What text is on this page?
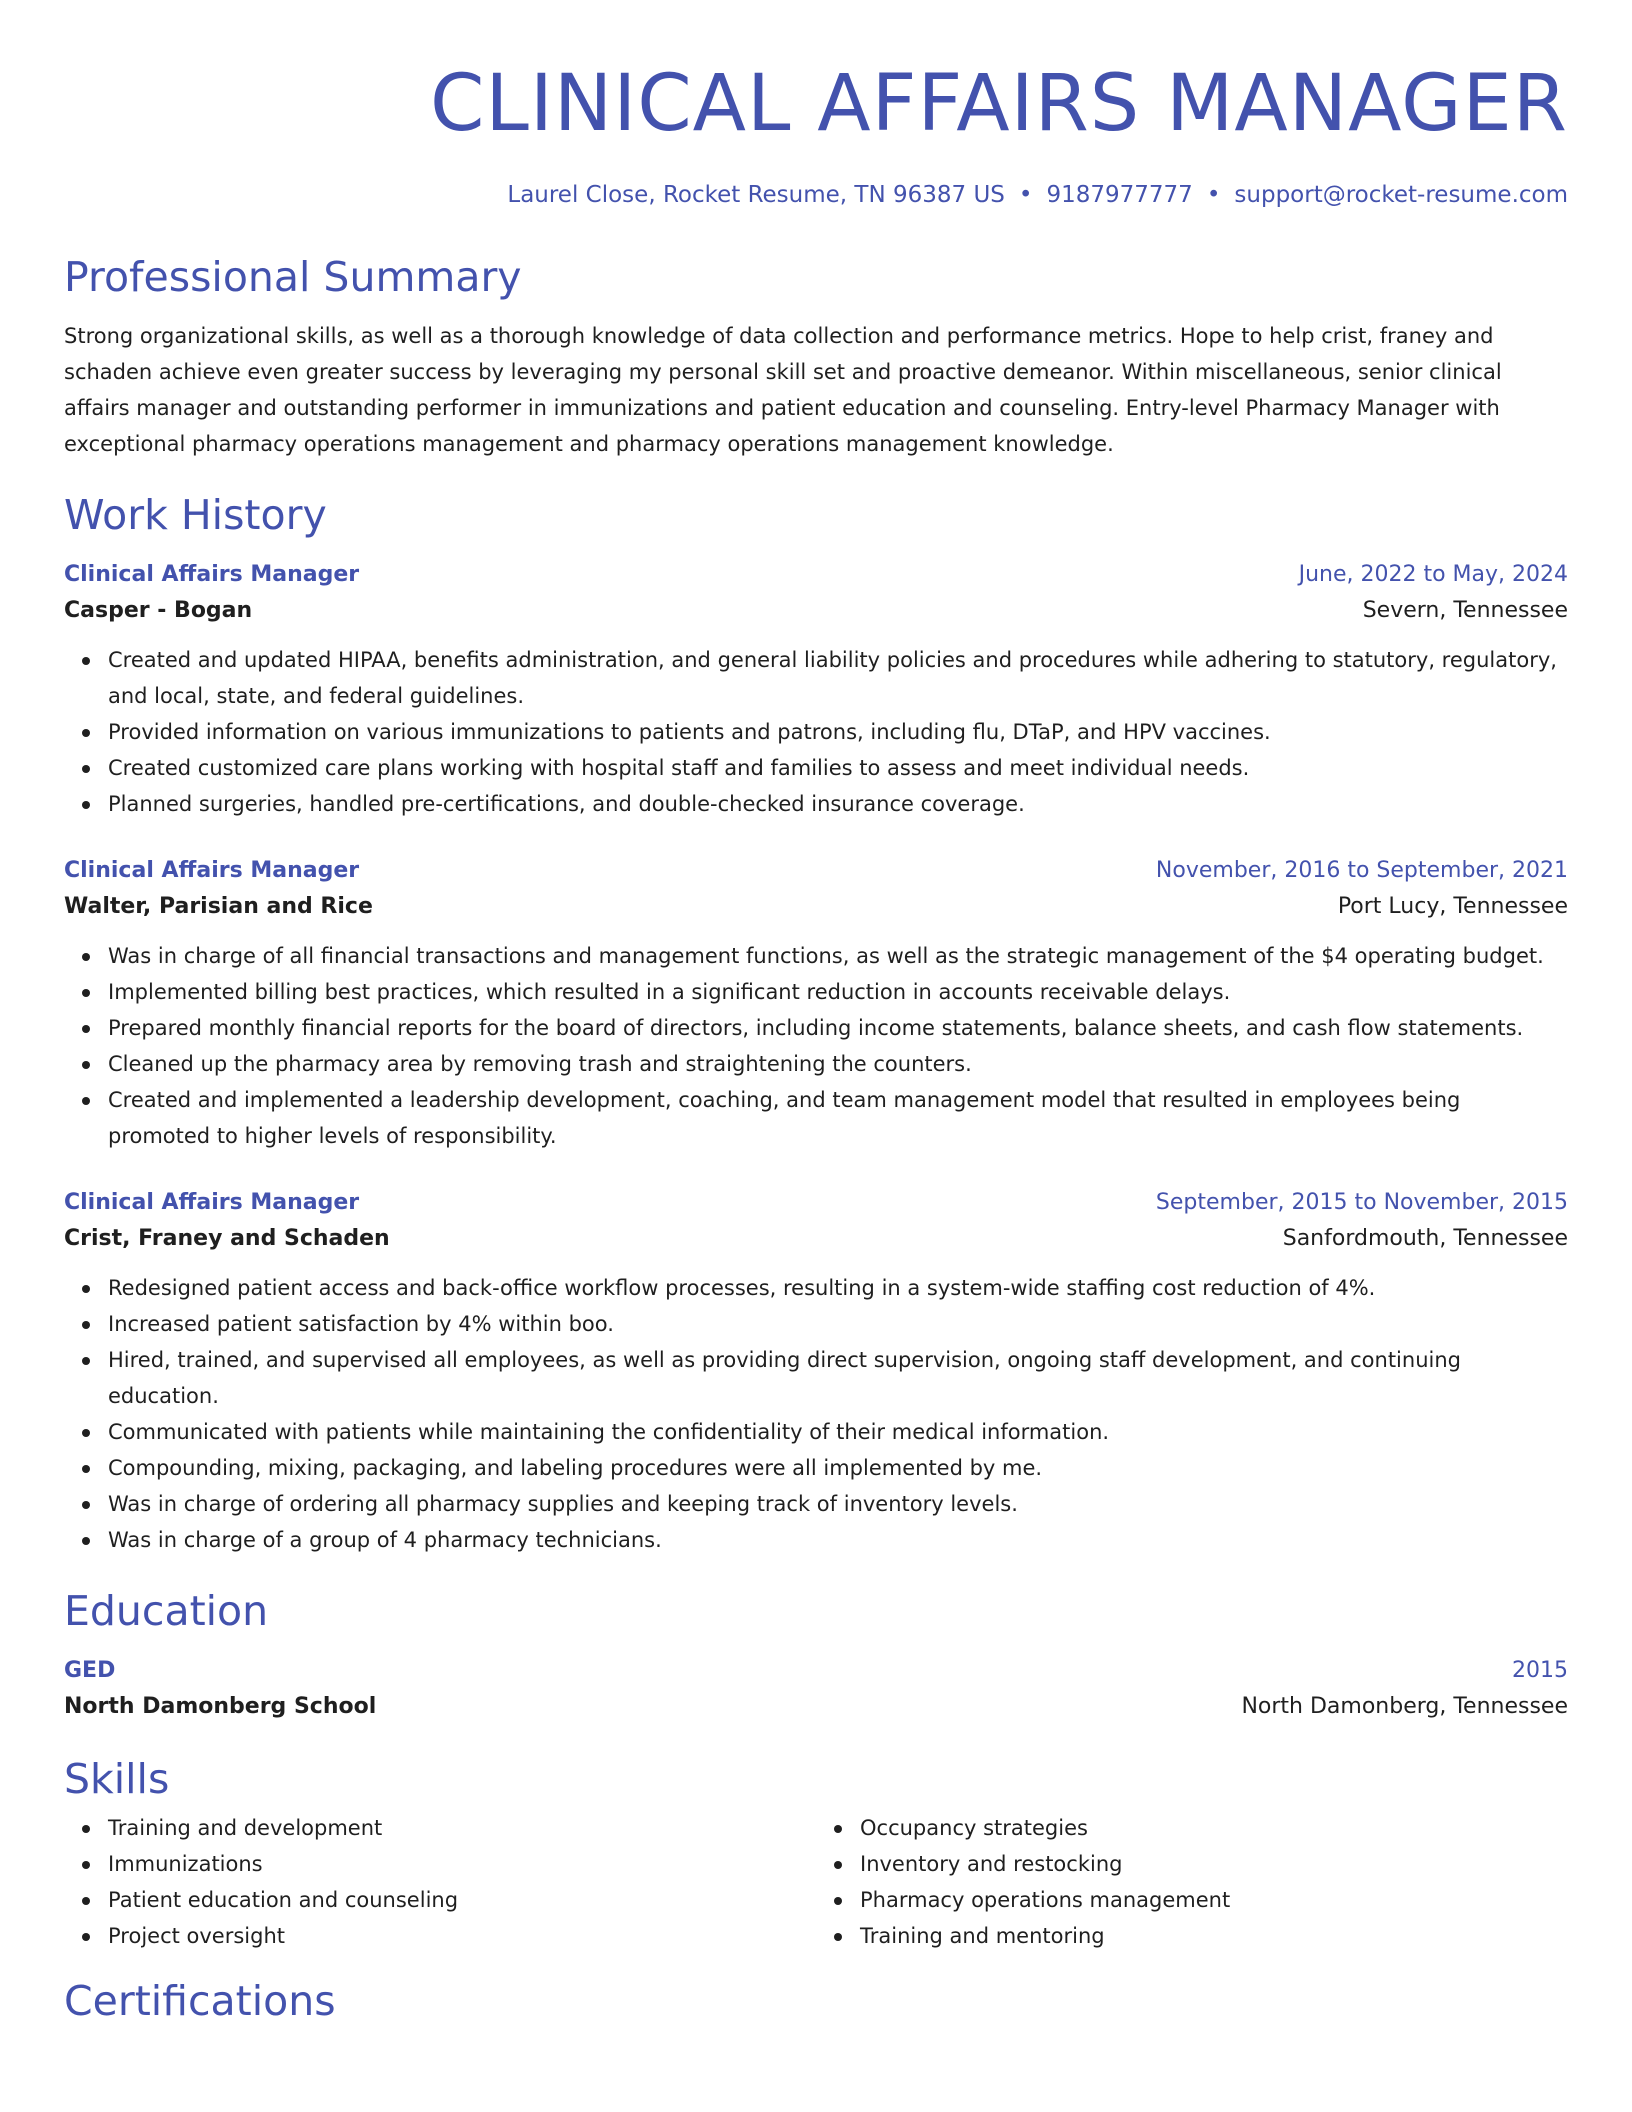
CLINICAL AFFAIRS MANAGER
Laurel Close, Rocket Resume, TN 96387 US • 9187977777 • support@rocket-resume.com
Professional Summary

Strong organizational skills, as well as a thorough knowledge of data collection and performance metrics. Hope to help crist, franey and schaden achieve even greater success by leveraging my personal skill set and proactive demeanor. Within miscellaneous, senior clinical affairs manager and outstanding performer in immunizations and patient education and counseling. Entry-level Pharmacy Manager with exceptional pharmacy operations management and pharmacy operations management knowledge.

Work History
Clinical Affairs Manager	June, 2022 to May, 2024
Casper - Bogan	Severn, Tennessee
Created and updated HIPAA, benefits administration, and general liability policies and procedures while adhering to statutory, regulatory, and local, state, and federal guidelines.
Provided information on various immunizations to patients and patrons, including flu, DTaP, and HPV vaccines.
Created customized care plans working with hospital staff and families to assess and meet individual needs.
Planned surgeries, handled pre-certifications, and double-checked insurance coverage.
Clinical Affairs Manager	November, 2016 to September, 2021
Walter, Parisian and Rice	Port Lucy, Tennessee
Was in charge of all financial transactions and management functions, as well as the strategic management of the $4 operating budget.
Implemented billing best practices, which resulted in a significant reduction in accounts receivable delays.
Prepared monthly financial reports for the board of directors, including income statements, balance sheets, and cash flow statements.
Cleaned up the pharmacy area by removing trash and straightening the counters.
Created and implemented a leadership development, coaching, and team management model that resulted in employees being promoted to higher levels of responsibility.
Clinical Affairs Manager	September, 2015 to November, 2015
Crist, Franey and Schaden	Sanfordmouth, Tennessee
Redesigned patient access and back-office workflow processes, resulting in a system-wide staffing cost reduction of 4%.
Increased patient satisfaction by 4% within boo.
Hired, trained, and supervised all employees, as well as providing direct supervision, ongoing staff development, and continuing education.
Communicated with patients while maintaining the confidentiality of their medical information.
Compounding, mixing, packaging, and labeling procedures were all implemented by me.
Was in charge of ordering all pharmacy supplies and keeping track of inventory levels.
Was in charge of a group of 4 pharmacy technicians.
Education
GED	2015
North Damonberg School	North Damonberg, Tennessee
Skills
Training and development
Immunizations
Patient education and counseling
Project oversight
Occupancy strategies
Inventory and restocking
Pharmacy operations management
Training and mentoring
Certifications
